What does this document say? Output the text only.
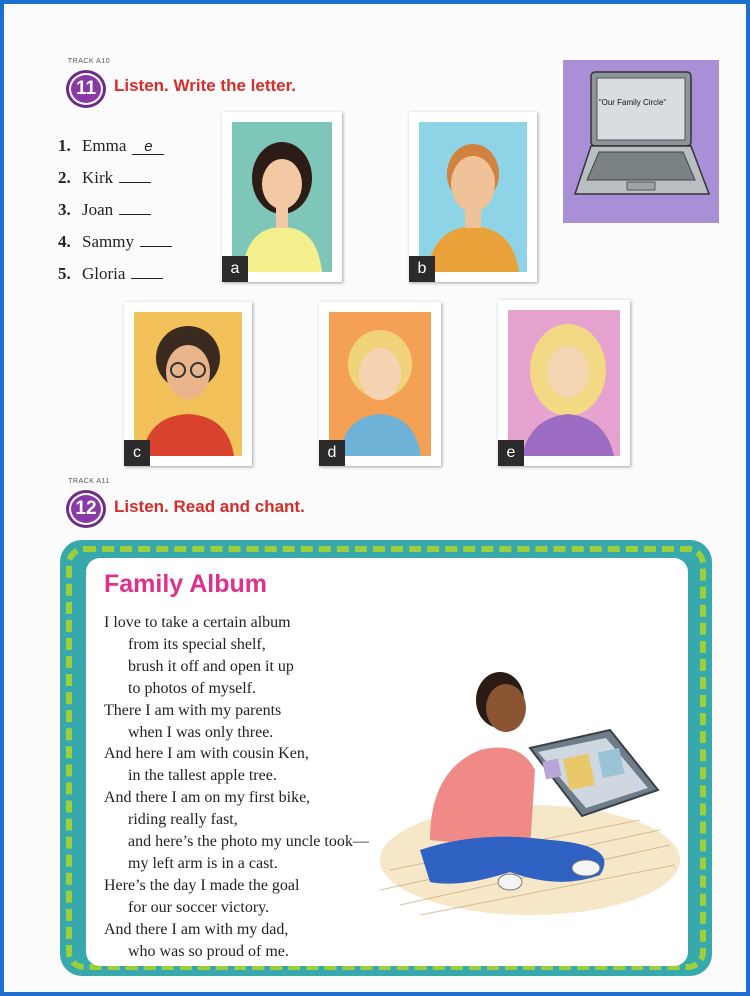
TRACK A10
11 Listen. Write the letter.
1. Emma	e
2. Kirk
3. Joan
4. Sammy
5. Gloria	a	b
"Our Family Circle"
c	d	e
TRACK A11
12 Listen. Read and chant.
Family Album
I love to take a certain album
from its special shelf,
brush it off and open it up
to photos of myself.
There I am with my parents
when I was only three.
And here I am with cousin Ken,
in the tallest apple tree.
And there I am on my first bike,
riding really fast,
and here’s the photo my uncle took—
my left arm is in a cast.
Here’s the day I made the goal
for our soccer victory.
And there I am with my dad,
who was so proud of me.
